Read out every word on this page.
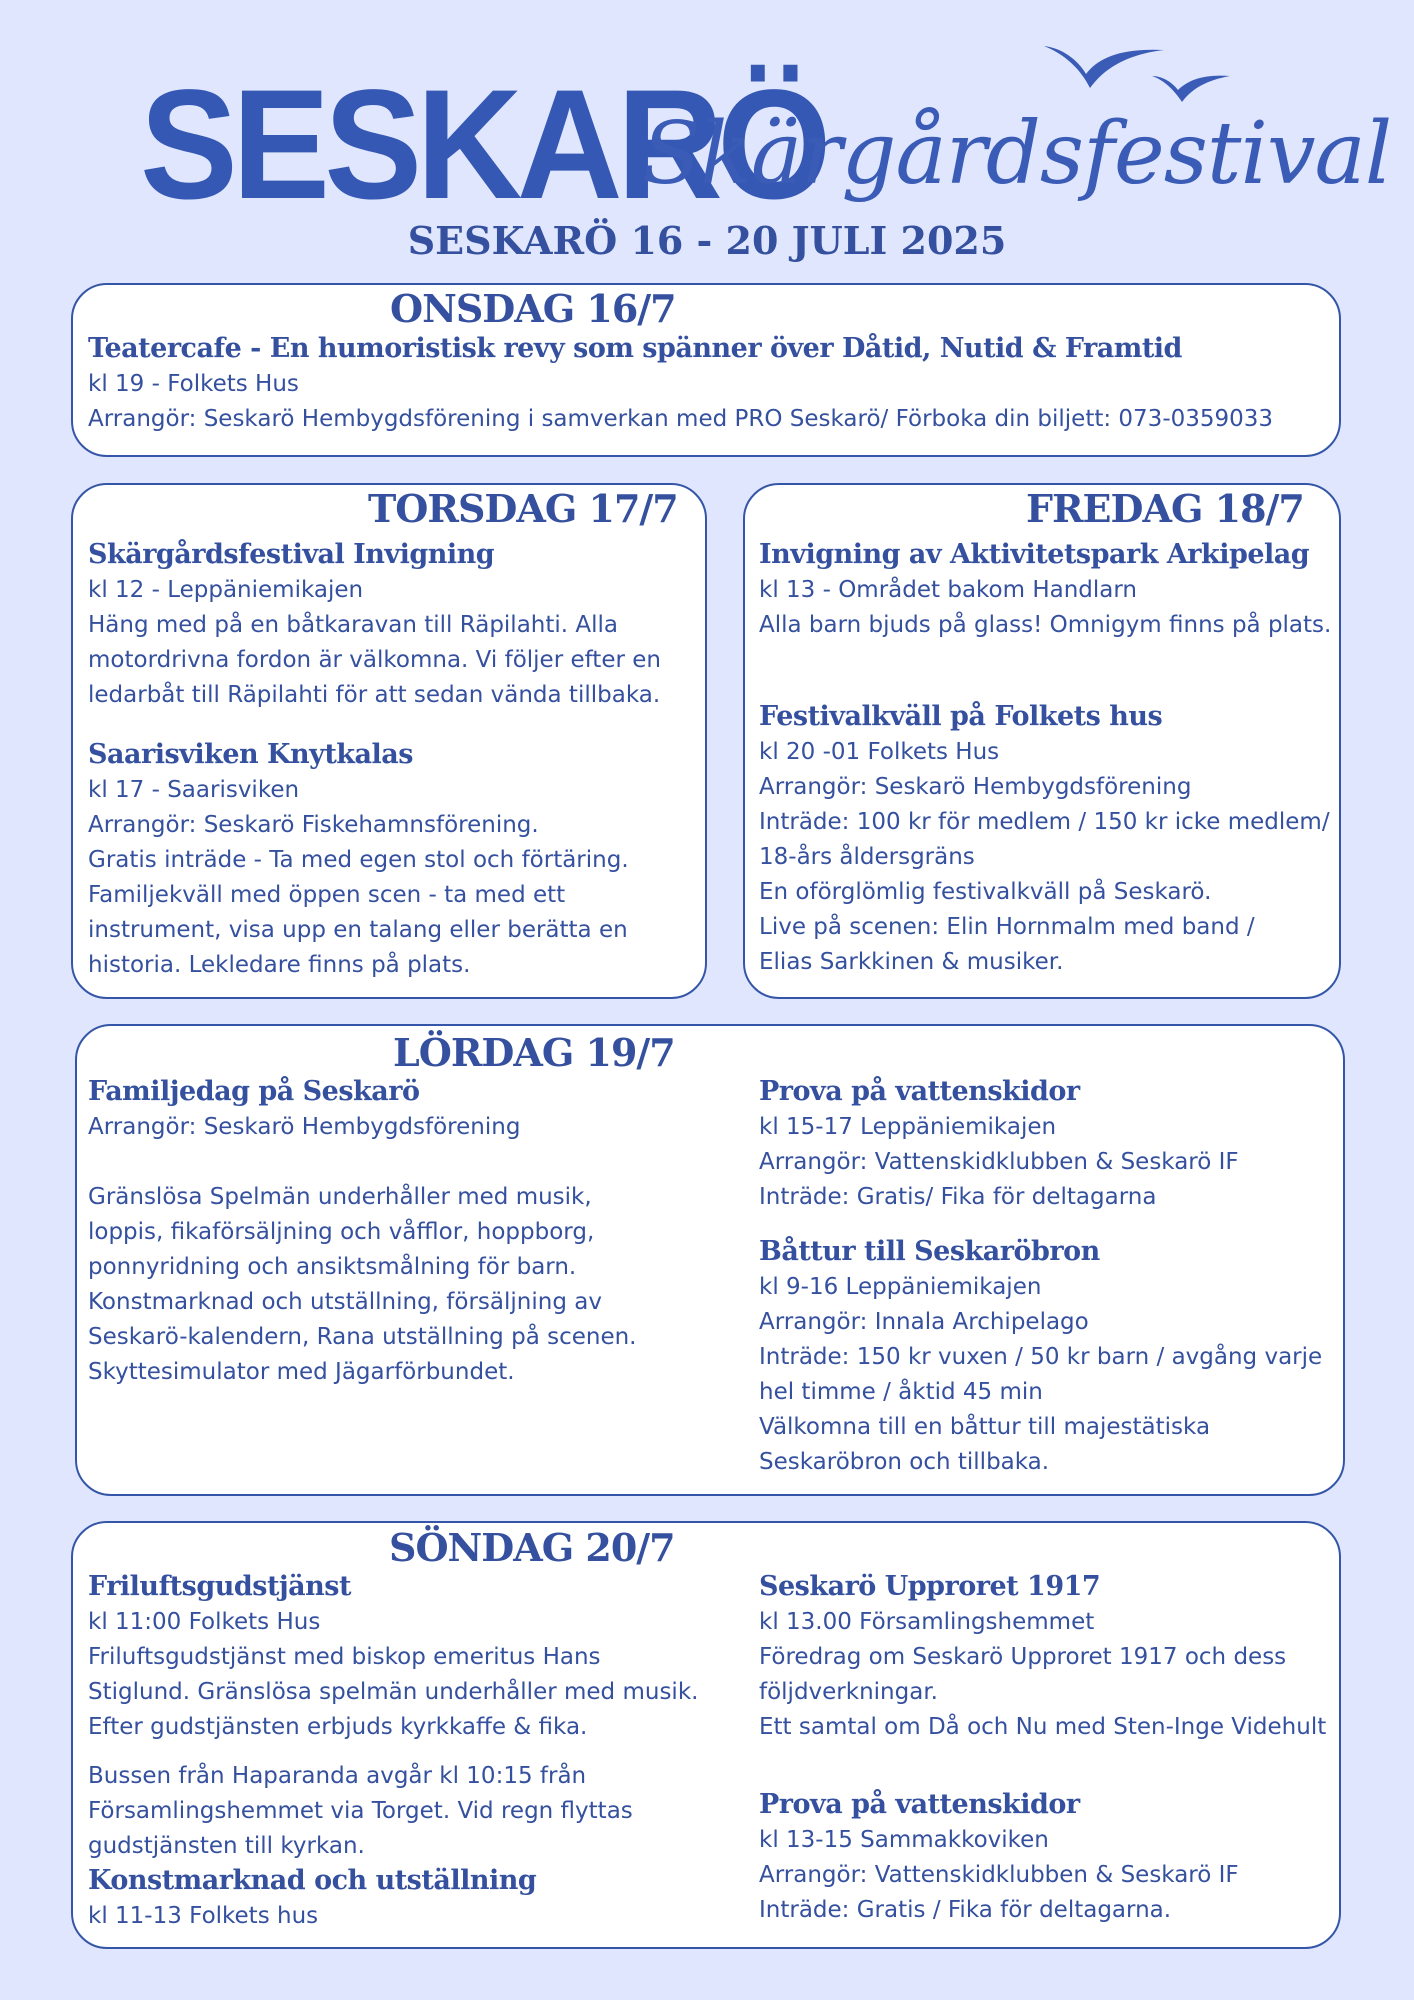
SESKARÖ
Skärgårdsfestival
SESKARÖ 16 - 20 JULI 2025
ONSDAG 16/7
Teatercafe - En humoristisk revy som spänner över Dåtid, Nutid & Framtid
kl 19 - Folkets Hus
Arrangör: Seskarö Hembygdsförening i samverkan med PRO Seskarö/ Förboka din biljett: 073-0359033
TORSDAG 17/7
Skärgårdsfestival Invigning
kl 12 - Leppäniemikajen
Häng med på en båtkaravan till Räpilahti. Alla
motordrivna fordon är välkomna. Vi följer efter en
ledarbåt till Räpilahti för att sedan vända tillbaka.
Saarisviken Knytkalas
kl 17 - Saarisviken
Arrangör: Seskarö Fiskehamnsförening.
Gratis inträde - Ta med egen stol och förtäring.
Familjekväll med öppen scen - ta med ett
instrument, visa upp en talang eller berätta en
historia. Lekledare finns på plats.
FREDAG 18/7
Invigning av Aktivitetspark Arkipelag
kl 13 - Området bakom Handlarn
Alla barn bjuds på glass! Omnigym finns på plats.
Festivalkväll på Folkets hus
kl 20 -01 Folkets Hus
Arrangör: Seskarö Hembygdsförening
Inträde: 100 kr för medlem / 150 kr icke medlem/
18-års åldersgräns
En oförglömlig festivalkväll på Seskarö.
Live på scenen: Elin Hornmalm med band /
Elias Sarkkinen & musiker.
LÖRDAG 19/7
Familjedag på Seskarö
Arrangör: Seskarö Hembygdsförening
Gränslösa Spelmän underhåller med musik,
loppis, fikaförsäljning och våfflor, hoppborg,
ponnyridning och ansiktsmålning för barn.
Konstmarknad och utställning, försäljning av
Seskarö-kalendern, Rana utställning på scenen.
Skyttesimulator med Jägarförbundet.
Prova på vattenskidor
kl 15-17 Leppäniemikajen
Arrangör: Vattenskidklubben & Seskarö IF
Inträde: Gratis/ Fika för deltagarna
Båttur till Seskaröbron
kl 9-16 Leppäniemikajen
Arrangör: Innala Archipelago
Inträde: 150 kr vuxen / 50 kr barn / avgång varje
hel timme / åktid 45 min
Välkomna till en båttur till majestätiska
Seskaröbron och tillbaka.
SÖNDAG 20/7
Friluftsgudstjänst
kl 11:00 Folkets Hus
Friluftsgudstjänst med biskop emeritus Hans
Stiglund. Gränslösa spelmän underhåller med musik.
Efter gudstjänsten erbjuds kyrkkaffe & fika.
Bussen från Haparanda avgår kl 10:15 från
Församlingshemmet via Torget. Vid regn flyttas
gudstjänsten till kyrkan.
Konstmarknad och utställning
kl 11-13 Folkets hus
Seskarö Upproret 1917
kl 13.00 Församlingshemmet
Föredrag om Seskarö Upproret 1917 och dess
följdverkningar.
Ett samtal om Då och Nu med Sten-Inge Videhult
Prova på vattenskidor
kl 13-15 Sammakkoviken
Arrangör: Vattenskidklubben & Seskarö IF
Inträde: Gratis / Fika för deltagarna.
